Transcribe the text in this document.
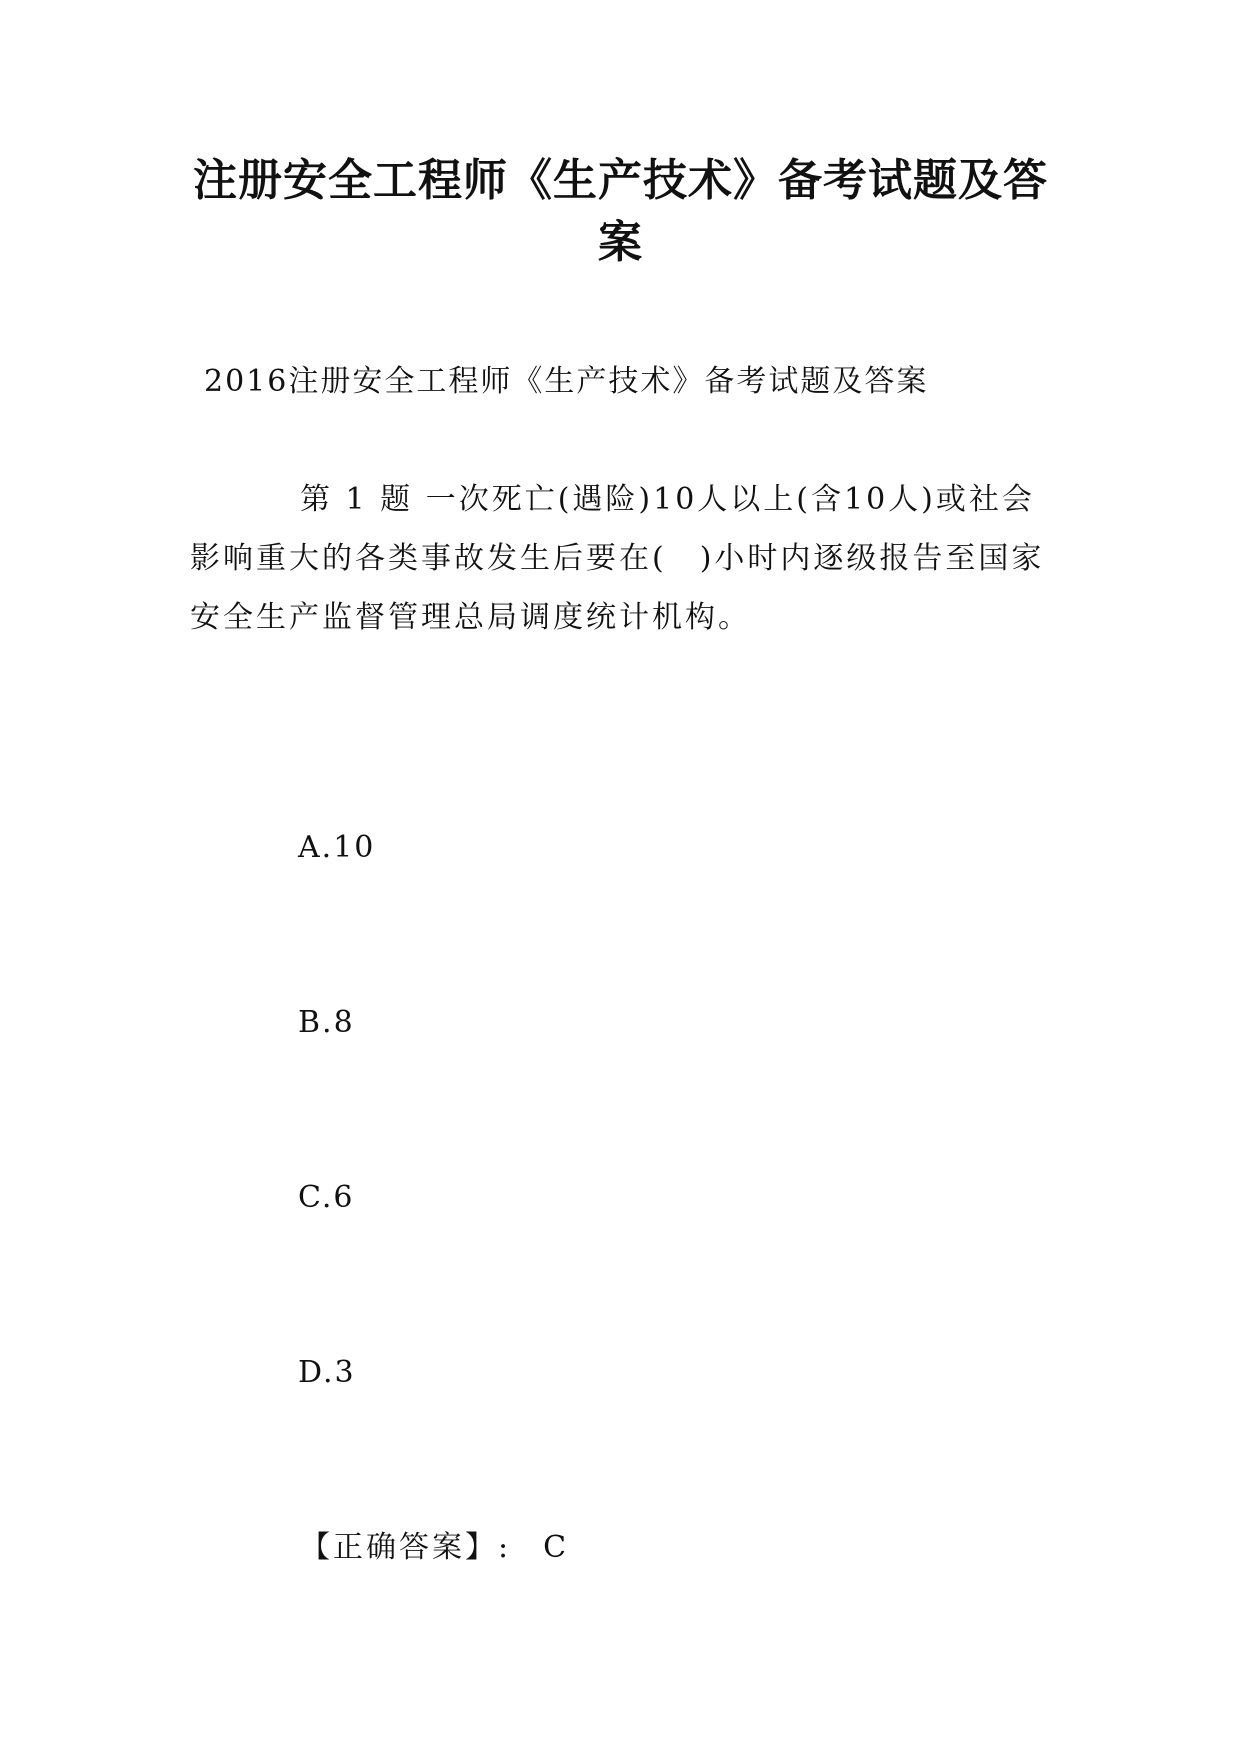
注册安全工程师《生产技术》备考试题及答案
2016注册安全工程师《生产技术》备考试题及答案

第 1 题 一次死亡(遇险)10人以上(含10人)或社会影响重大的各类事故发生后要在(　)小时内逐级报告至国家安全生产监督管理总局调度统计机构。

A.10
B.8
C.6
D.3
【正确答案】: C
